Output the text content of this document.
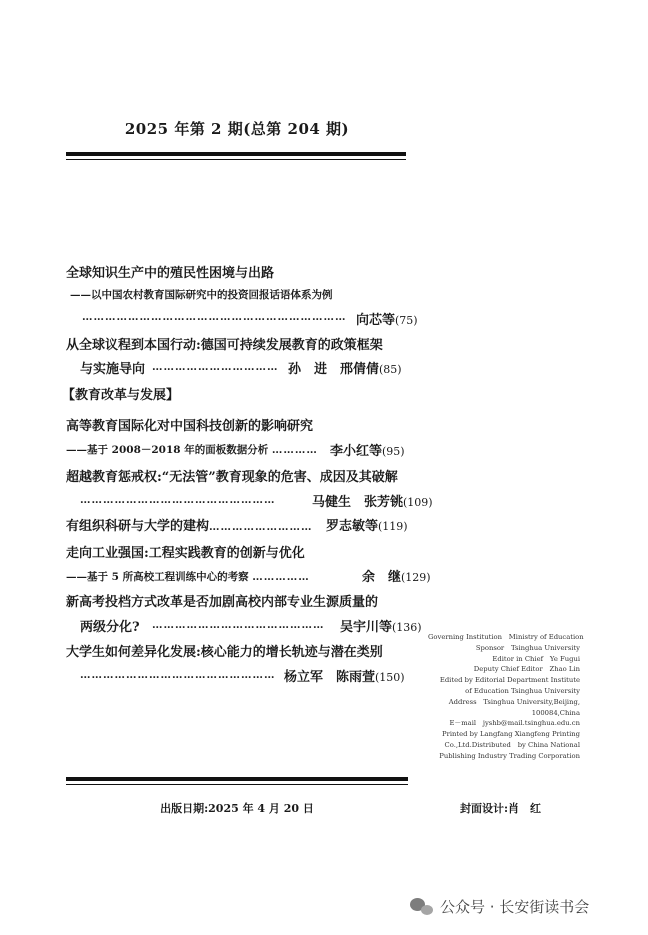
2025 年第 2 期(总第 204 期)
全球知识生产中的殖民性困境与出路
——以中国农村教育国际研究中的投资回报话语体系为例
…………………………………………………………… 向芯等(75)
从全球议程到本国行动:德国可持续发展教育的政策框架
与实施导向 …………………………… 孙　进　邢倩倩(85)
【教育改革与发展】
高等教育国际化对中国科技创新的影响研究
——基于 2008－2018 年的面板数据分析 ………… 李小红等(95)
超越教育惩戒权:“无法管”教育现象的危害、成因及其破解
……………………………………………	马健生　张芳铫(109)
有组织科研与大学的建构……………………… 罗志敏等(119)
走向工业强国:工程实践教育的创新与优化
——基于 5 所高校工程训练中心的考察 ……………	余　继(129)
新高考投档方式改革是否加剧高校内部专业生源质量的
两级分化? ……………………………………… 吴宇川等(136)
大学生如何差异化发展:核心能力的增长轨迹与潜在类别
…………………………………………… 杨立军　陈雨萱(150)
Governing Institution　Ministry of Education
Sponsor　Tsinghua University
Editor in Chief　Ye Fugui
Deputy Chief Editor　Zhao Lin
Edited by Editorial Department Institute
of Education Tsinghua University
Address　Tsinghua University,Beijing,
100084,China
E－mail　jyshb@mail.tsinghua.edu.cn
Printed by Langfang Xiangfeng Printing
Co.,Ltd.Distributed　by China National
Publishing Industry Trading Corporation
出版日期:2025 年 4 月 20 日	封面设计:肖　红
公众号 · 长安街读书会
